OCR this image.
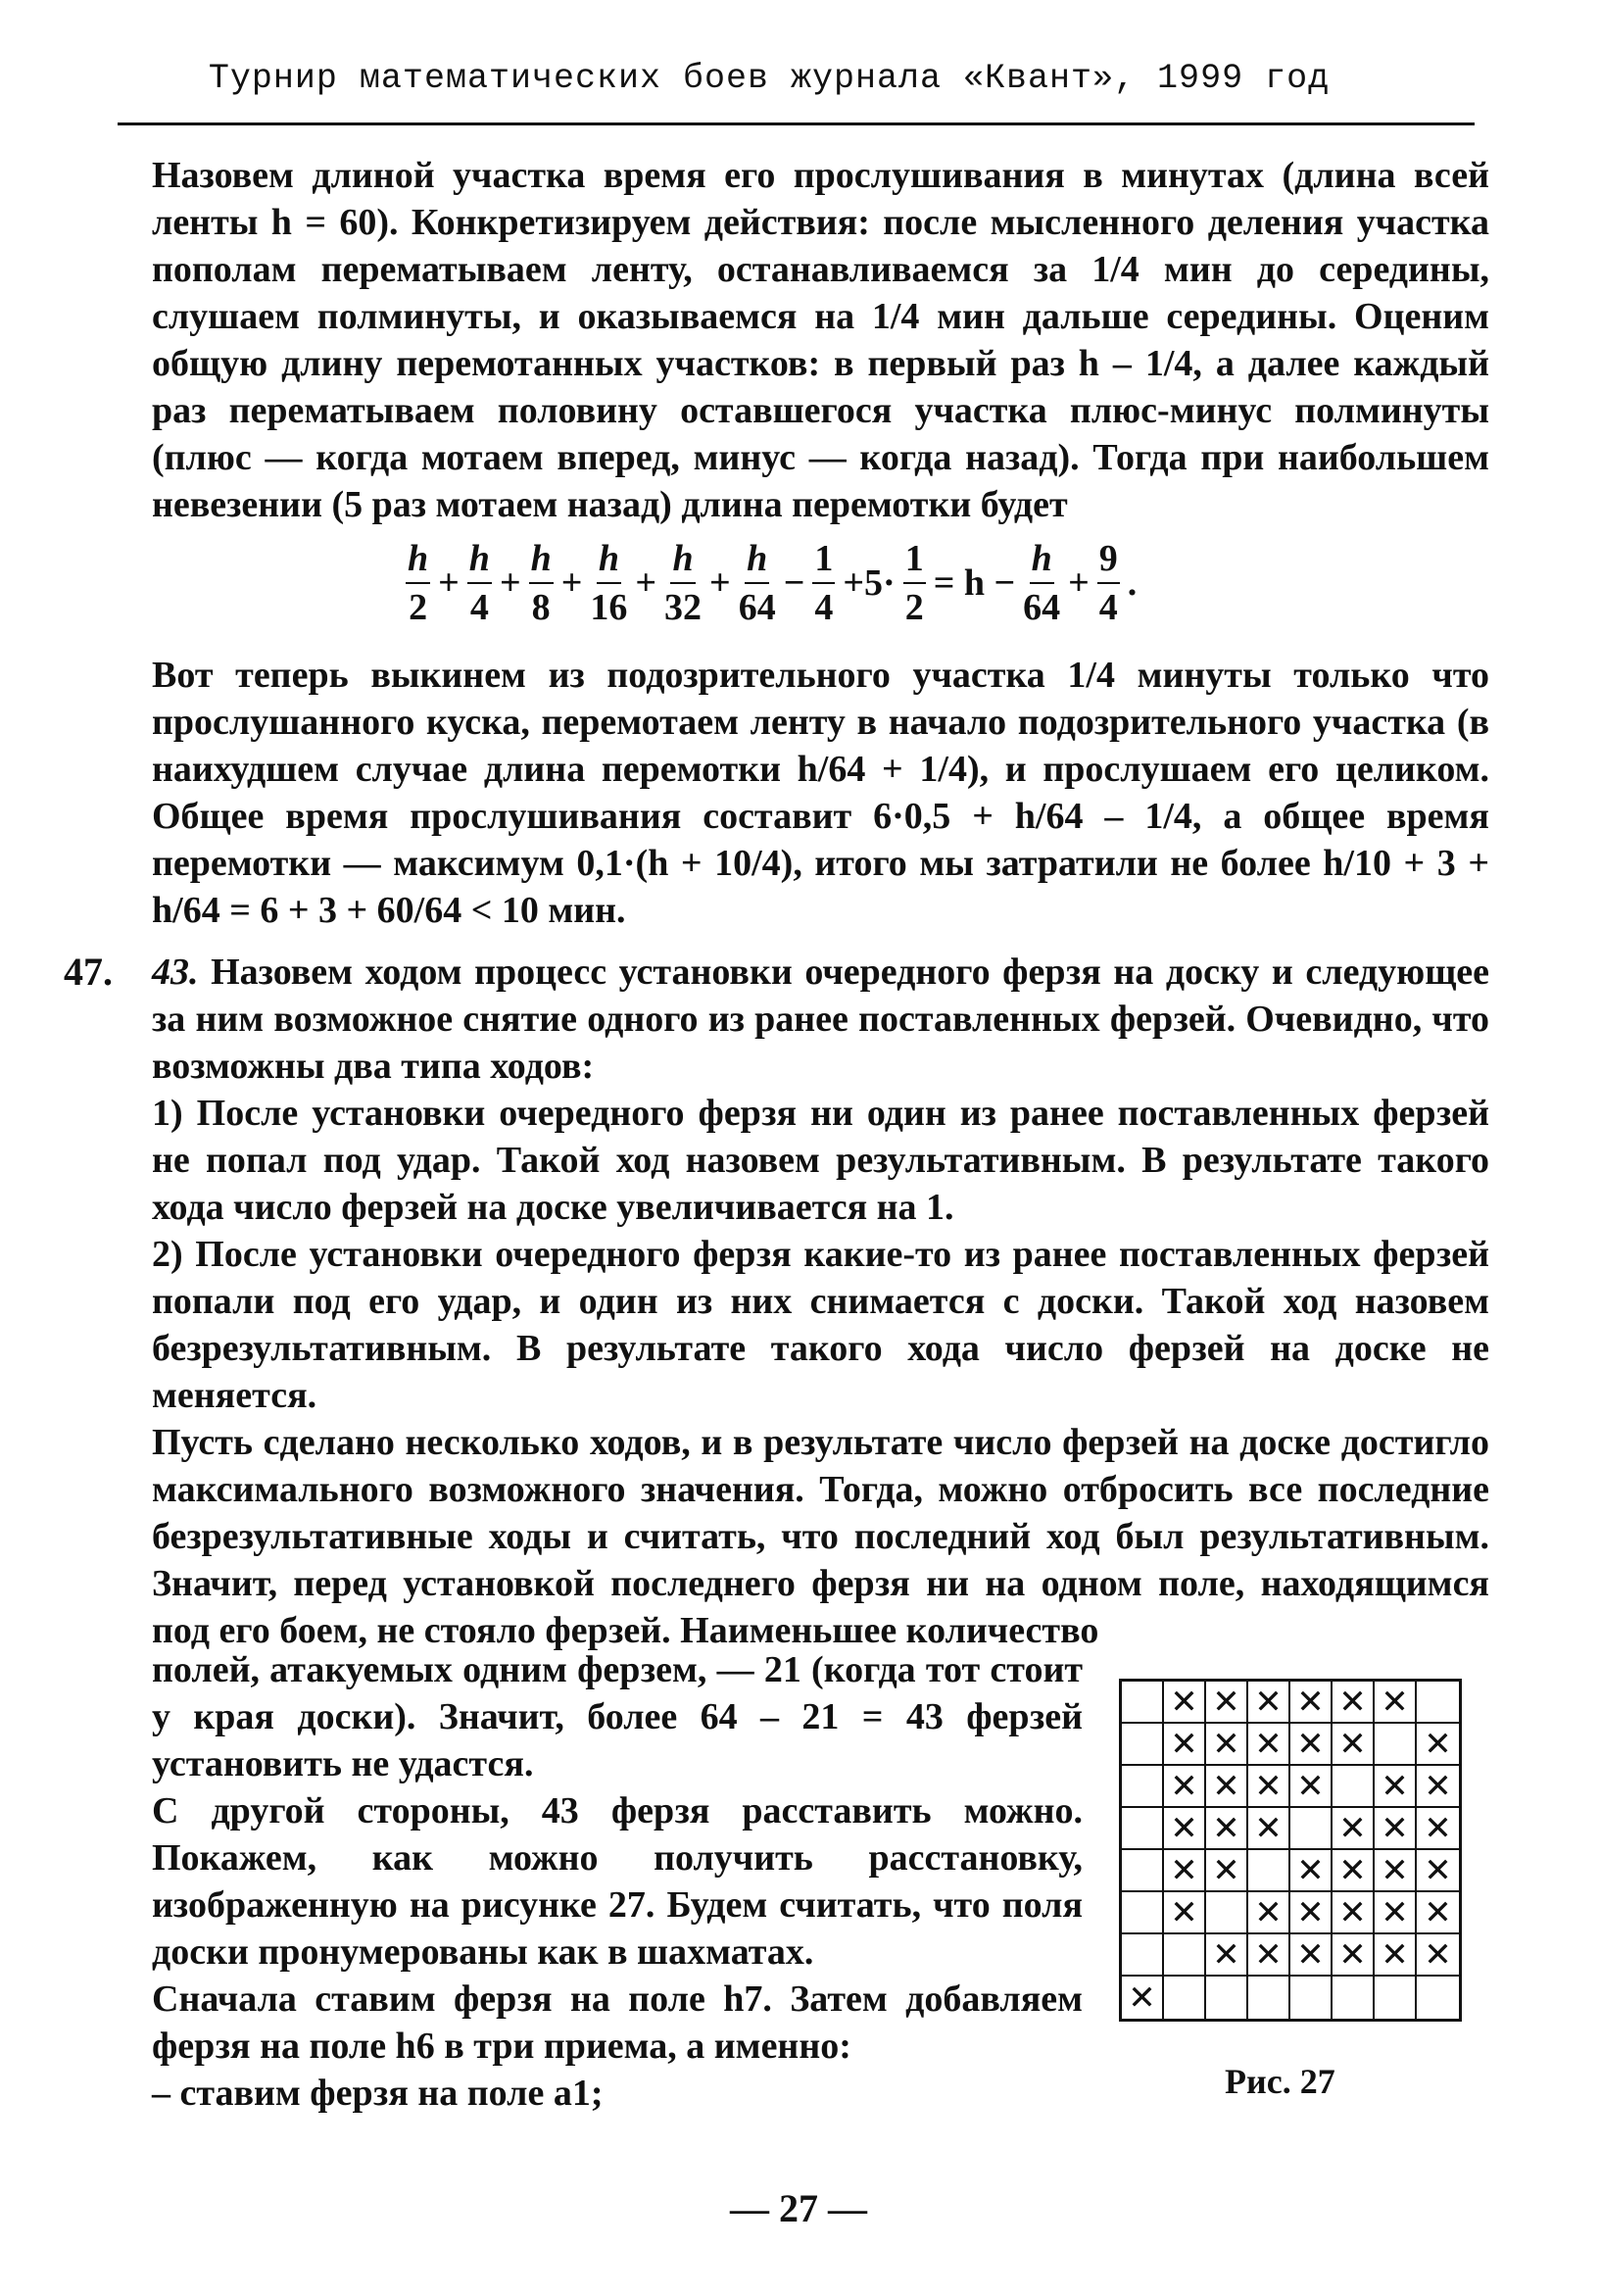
Турнир математических боев журнала «Квант», 1999 год

Назовем длиной участка время его прослушивания в минутах (длина всей ленты h = 60). Конкретизируем действия: после мысленного деления участка пополам перематываем ленту, останавливаемся за 1/4 мин до середины, слушаем полминуты, и оказываемся на 1/4 мин дальше середины. Оценим общую длину перемотанных участков: в первый раз h – 1/4, а далее каждый раз перематываем половину оставшегося участка плюс-минус полминуты (плюс — когда мотаем вперед, минус — когда назад). Тогда при наибольшем невезении (5 раз мотаем назад) длина перемотки будет

$\frac{h}{2} + \frac{h}{4} + \frac{h}{8} + \frac{h}{16} + \frac{h}{32} + \frac{h}{64} - \frac{1}{4} +5\cdot \frac{1}{2} = h - \frac{h}{64} + \frac{9}{4}$ .

Вот теперь выкинем из подозрительного участка 1/4 минуты только что прослушанного куска, перемотаем ленту в начало подозрительного участка (в наихудшем случае длина перемотки h/64 + 1/4), и прослушаем его целиком. Общее время прослушивания составит 6·0,5 + h/64 – 1/4, а общее время перемотки — максимум 0,1·(h + 10/4), итого мы затратили не более h/10 + 3 + h/64 = 6 + 3 + 60/64 < 10 мин.

47. 43. Назовем ходом процесс установки очередного ферзя на доску и следующее за ним возможное снятие одного из ранее поставленных ферзей. Очевидно, что возможны два типа ходов:

1) После установки очередного ферзя ни один из ранее поставленных ферзей не попал под удар. Такой ход назовем результативным. В результате такого хода число ферзей на доске увеличивается на 1.

2) После установки очередного ферзя какие-то из ранее поставленных ферзей попали под его удар, и один из них снимается с доски. Такой ход назовем безрезультативным. В результате такого хода число ферзей на доске не меняется.

Пусть сделано несколько ходов, и в результате число ферзей на доске достигло максимального возможного значения. Тогда, можно отбросить все последние безрезультативные ходы и считать, что последний ход был результативным. Значит, перед установкой последнего ферзя ни на одном поле, находящимся под его боем, не стояло ферзей. Наименьшее количество

полей, атакуемых одним ферзем, — 21 (когда тот стоит у края доски). Значит, более 64 – 21 = 43 ферзей установить не удастся.

С другой стороны, 43 ферзя расставить можно. Покажем, как можно получить расстановку, изображенную на рисунке 27. Будем считать, что поля доски пронумерованы как в шахматах.

Сначала ставим ферзя на поле h7. Затем добавляем ферзя на поле h6 в три приема, а именно:

– ставим ферзя на поле a1;

✕ ✕ ✕ ✕ ✕ ✕
✕ ✕ ✕ ✕ ✕ ✕
✕ ✕ ✕ ✕ ✕ ✕
✕ ✕ ✕ ✕ ✕ ✕
✕ ✕ ✕ ✕ ✕ ✕
✕ ✕ ✕ ✕ ✕ ✕
✕ ✕ ✕ ✕ ✕ ✕
✕
Рис. 27
— 27 —
